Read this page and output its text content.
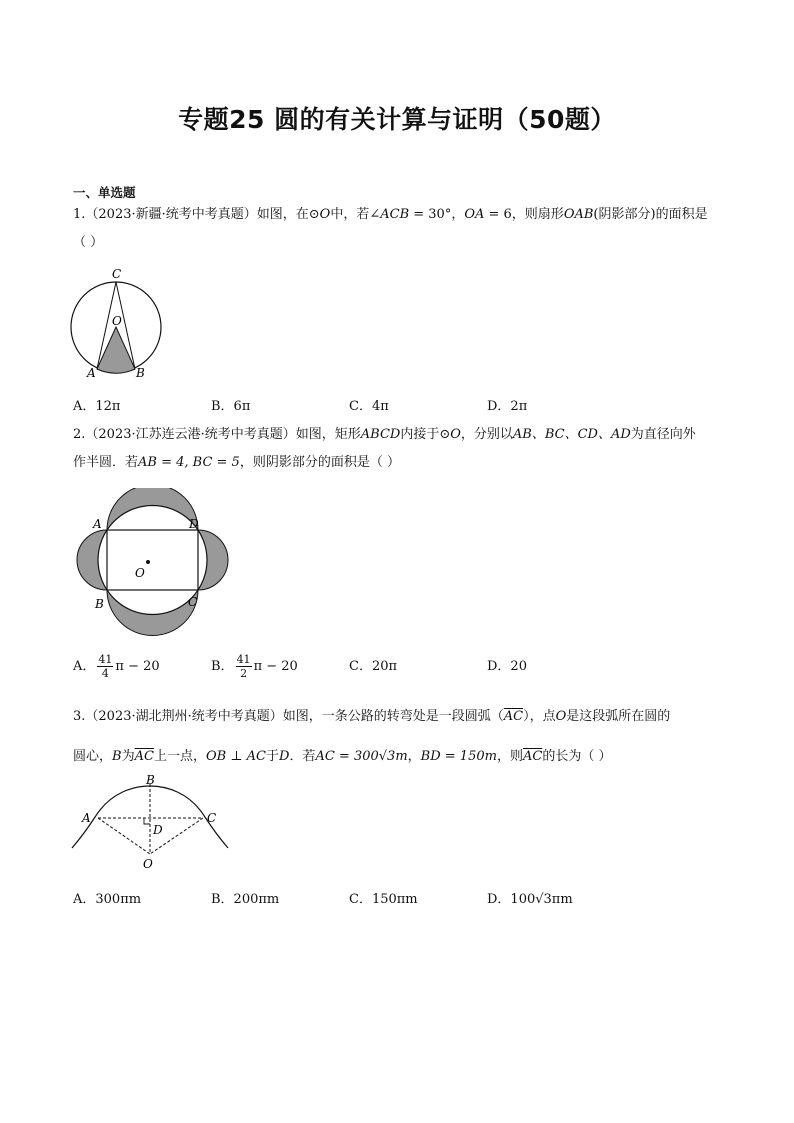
专题25 圆的有关计算与证明（50题）
一、单选题
1.（2023·新疆·统考中考真题）如图，在⊙O中，若∠ACB = 30°，OA = 6，则扇形OAB(阴影部分)的面积是
（ ）
C
O
A	B
A．12π	B．6π	C．4π	D．2π
2.（2023·江苏连云港·统考中考真题）如图，矩形ABCD内接于⊙O，分别以AB、BC、CD、AD为直径向外
作半圆．若AB = 4, BC = 5，则阴影部分的面积是（ ）
A	D
O
B	C
A． $\frac{41}{4}$ π − 20	B． $\frac{41}{2}$ π − 20	C．20π	D．20
3.（2023·湖北荆州·统考中考真题）如图，一条公路的转弯处是一段圆弧$(\overline{AC})$，点O是这段弧所在圆的
圆心，B为$\overline{AC}$上一点，OB ⊥ AC于D．若AC = 300√3m，BD = 150m，则$\overline{AC}$的长为（ ）
B
A	C
D
O
A．300πm	B．200πm	C．150πm	D．100√3πm
